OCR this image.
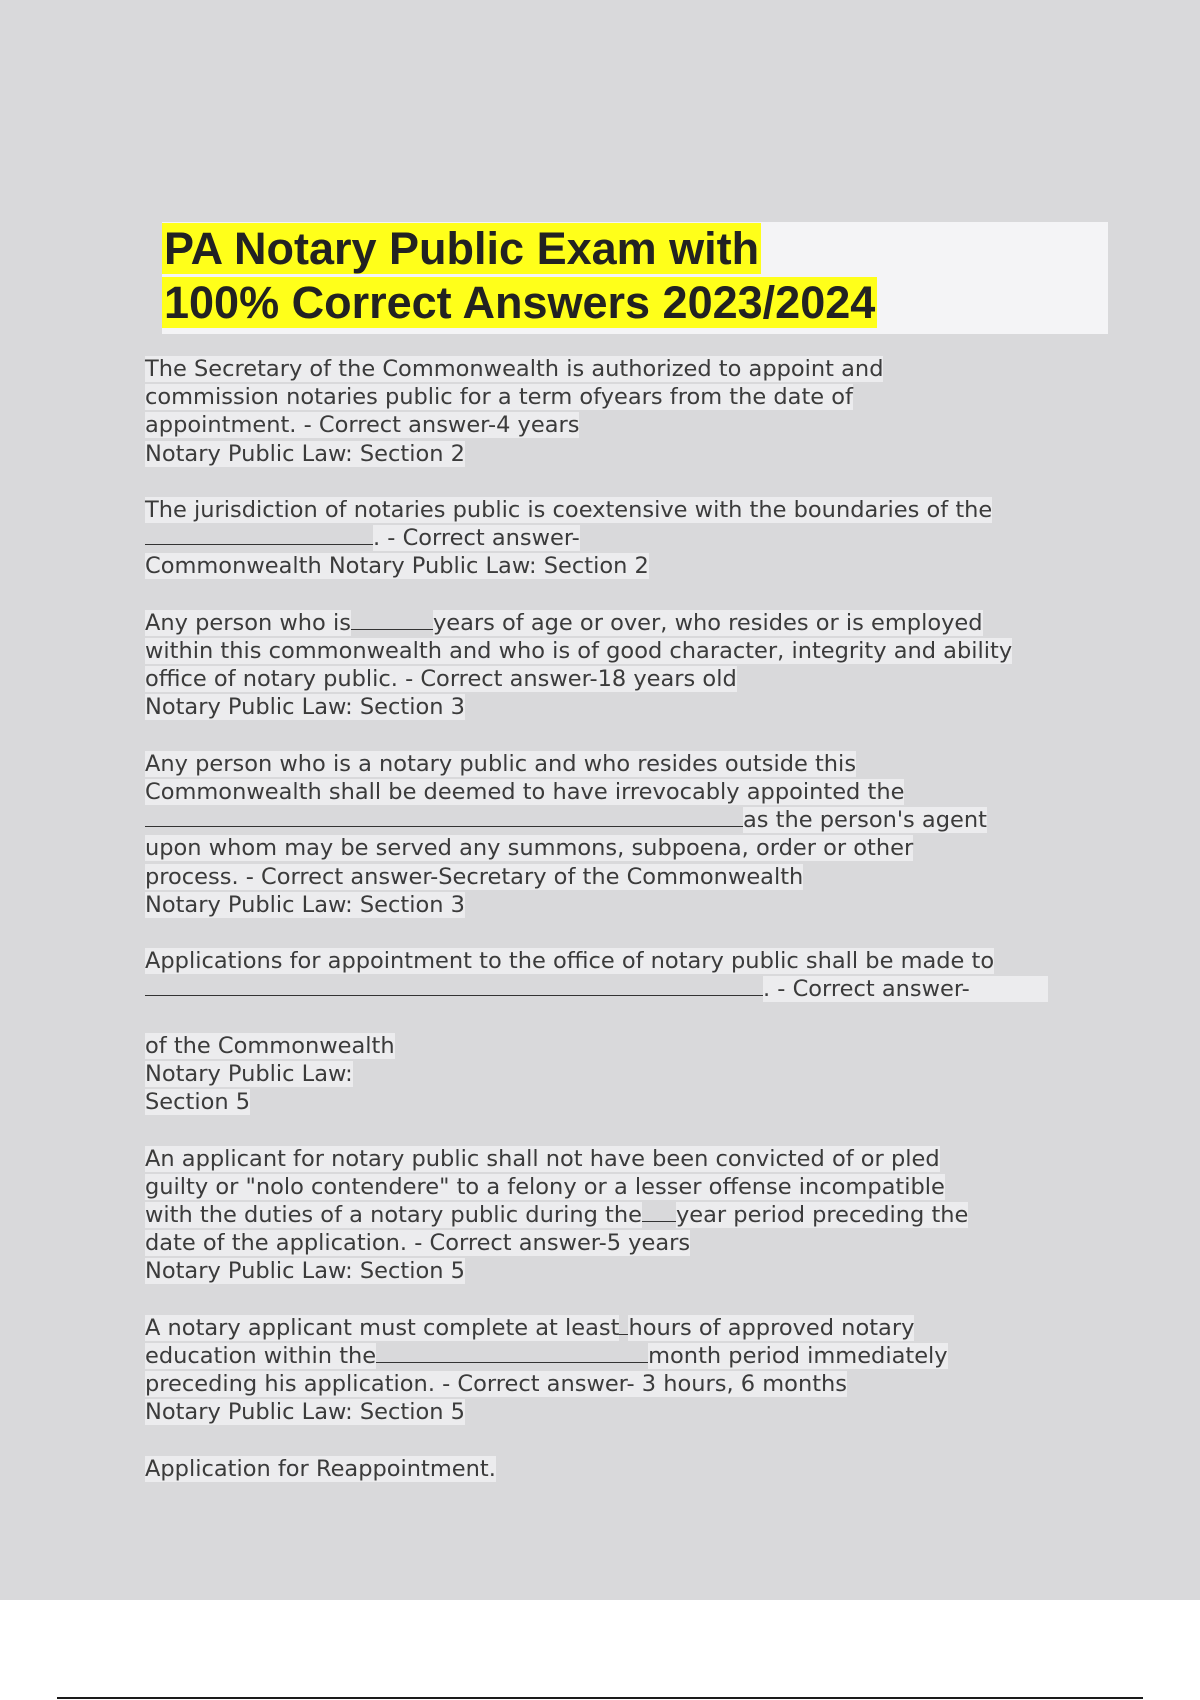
PA Notary Public Exam with
100% Correct Answers 2023/2024
The Secretary of the Commonwealth is authorized to appoint and
commission notaries public for a term ofyears from the date of
appointment. - Correct answer-4 years
Notary Public Law: Section 2
The jurisdiction of notaries public is coextensive with the boundaries of the
. - Correct answer-
Commonwealth Notary Public Law: Section 2
Any person who is	years of age or over, who resides or is employed
within this commonwealth and who is of good character, integrity and ability
office of notary public. - Correct answer-18 years old
Notary Public Law: Section 3
Any person who is a notary public and who resides outside this
Commonwealth shall be deemed to have irrevocably appointed the
as the person's agent
upon whom may be served any summons, subpoena, order or other
process. - Correct answer-Secretary of the Commonwealth
Notary Public Law: Section 3
Applications for appointment to the office of notary public shall be made to
. - Correct answer-
of the Commonwealth
Notary Public Law:
Section 5
An applicant for notary public shall not have been convicted of or pled
guilty or "nolo contendere" to a felony or a lesser offense incompatible
with the duties of a notary public during the year period preceding the
date of the application. - Correct answer-5 years
Notary Public Law: Section 5
A notary applicant must complete at least hours of approved notary
education within the	month period immediately
preceding his application. - Correct answer- 3 hours, 6 months
Notary Public Law: Section 5
Application for Reappointment.
